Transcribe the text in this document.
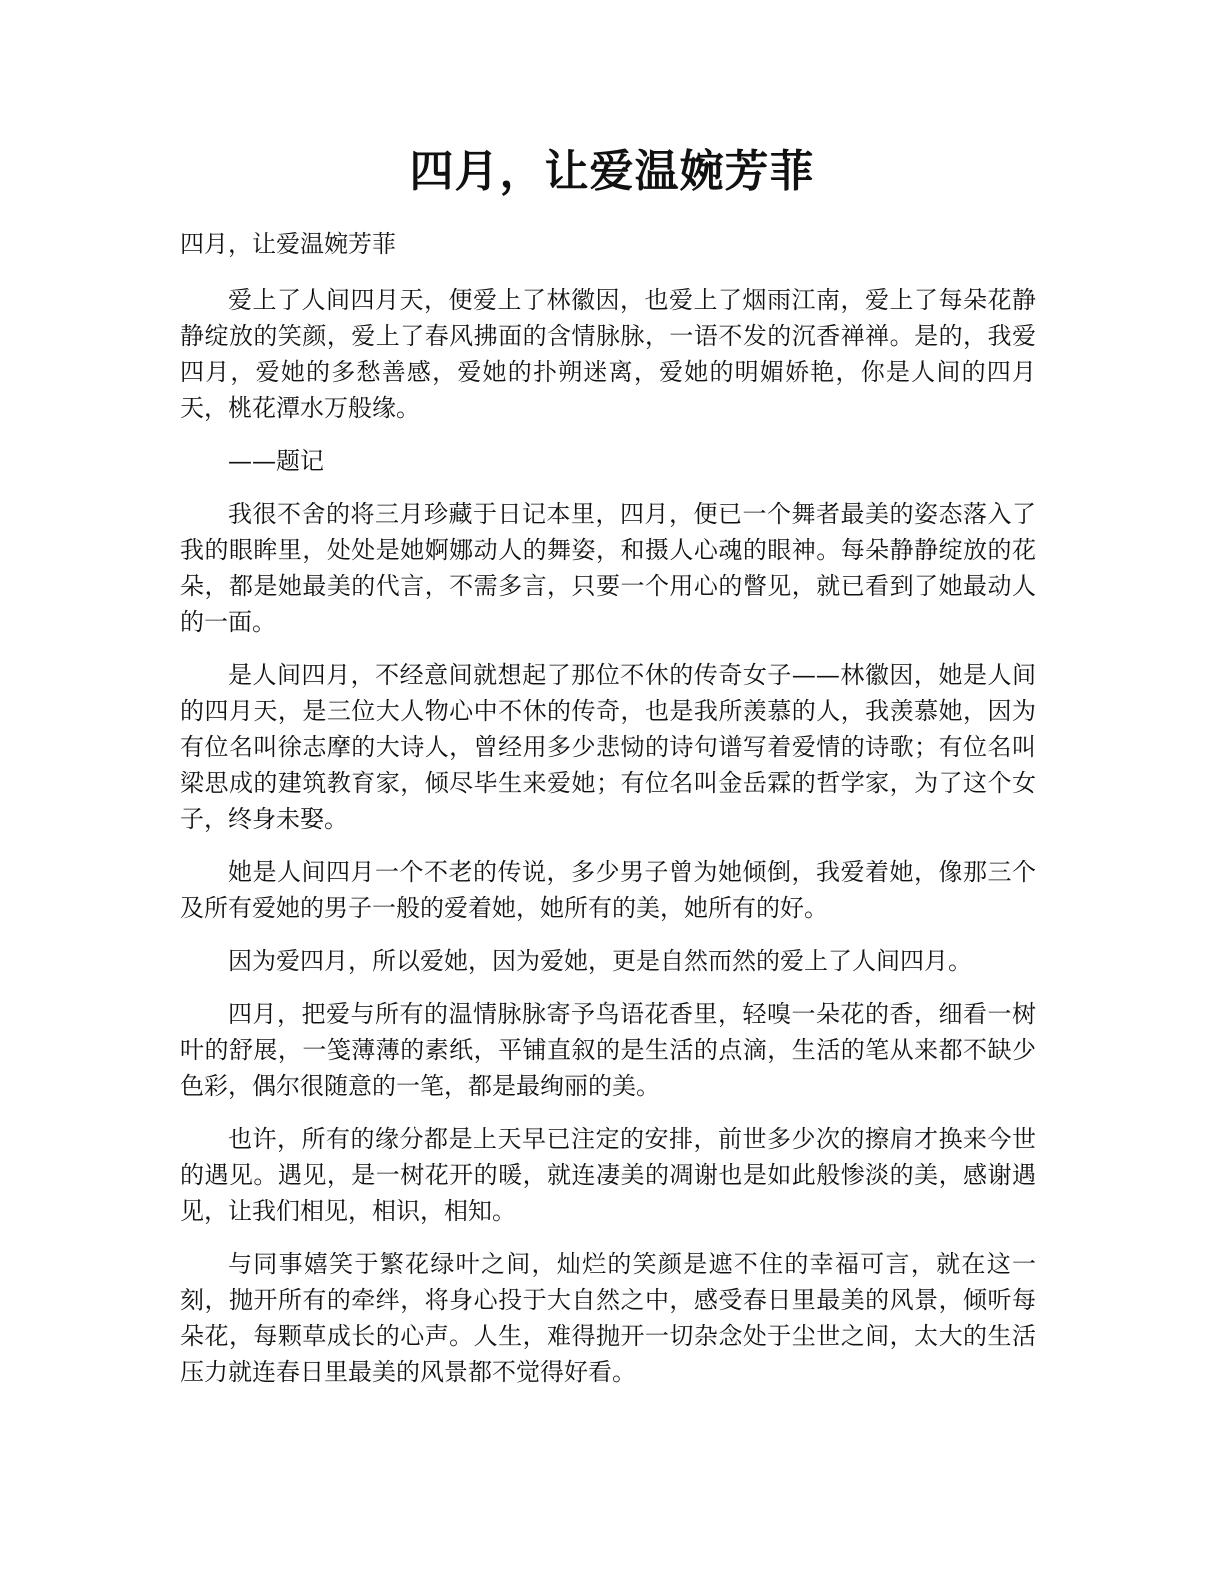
四月，让爱温婉芳菲

四月，让爱温婉芳菲

爱上了人间四月天，便爱上了林徽因，也爱上了烟雨江南，爱上了每朵花静静绽放的笑颜，爱上了春风拂面的含情脉脉，一语不发的沉香禅禅。是的，我爱四月，爱她的多愁善感，爱她的扑朔迷离，爱她的明媚娇艳，你是人间的四月天，桃花潭水万般缘。

——题记

我很不舍的将三月珍藏于日记本里，四月，便已一个舞者最美的姿态落入了我的眼眸里，处处是她婀娜动人的舞姿，和摄人心魂的眼神。每朵静静绽放的花朵，都是她最美的代言，不需多言，只要一个用心的瞥见，就已看到了她最动人的一面。

是人间四月，不经意间就想起了那位不休的传奇女子——林徽因，她是人间的四月天，是三位大人物心中不休的传奇，也是我所羡慕的人，我羡慕她，因为有位名叫徐志摩的大诗人，曾经用多少悲恸的诗句谱写着爱情的诗歌；有位名叫梁思成的建筑教育家，倾尽毕生来爱她；有位名叫金岳霖的哲学家，为了这个女子，终身未娶。

她是人间四月一个不老的传说，多少男子曾为她倾倒，我爱着她，像那三个及所有爱她的男子一般的爱着她，她所有的美，她所有的好。

因为爱四月，所以爱她，因为爱她，更是自然而然的爱上了人间四月。

四月，把爱与所有的温情脉脉寄予鸟语花香里，轻嗅一朵花的香，细看一树叶的舒展，一笺薄薄的素纸，平铺直叙的是生活的点滴，生活的笔从来都不缺少色彩，偶尔很随意的一笔，都是最绚丽的美。

也许，所有的缘分都是上天早已注定的安排，前世多少次的擦肩才换来今世的遇见。遇见，是一树花开的暖，就连凄美的凋谢也是如此般惨淡的美，感谢遇见，让我们相见，相识，相知。

与同事嬉笑于繁花绿叶之间，灿烂的笑颜是遮不住的幸福可言，就在这一刻，抛开所有的牵绊，将身心投于大自然之中，感受春日里最美的风景，倾听每朵花，每颗草成长的心声。人生，难得抛开一切杂念处于尘世之间，太大的生活压力就连春日里最美的风景都不觉得好看。
